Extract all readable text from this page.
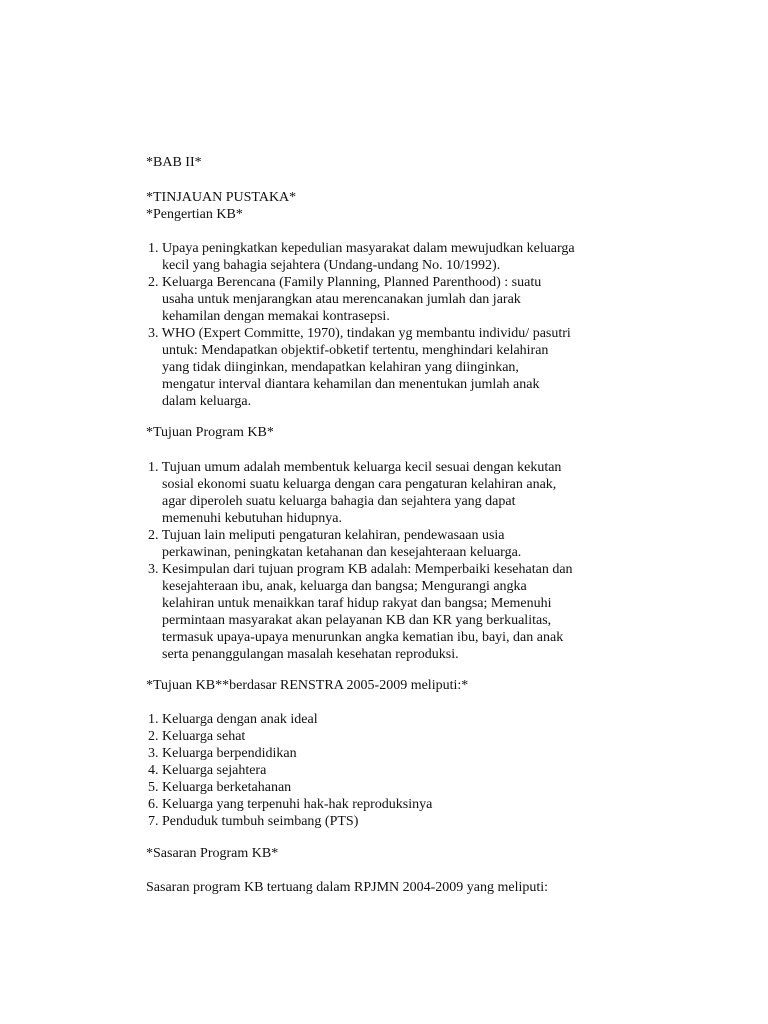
*BAB II*
*TINJAUAN PUSTAKA*
*Pengertian KB*
1. Upaya peningkatkan kepedulian masyarakat dalam mewujudkan keluarga
kecil yang bahagia sejahtera (Undang-undang No. 10/1992).
2. Keluarga Berencana (Family Planning, Planned Parenthood) : suatu
usaha untuk menjarangkan atau merencanakan jumlah dan jarak
kehamilan dengan memakai kontrasepsi.
3. WHO (Expert Committe, 1970), tindakan yg membantu individu/ pasutri
untuk: Mendapatkan objektif-obketif tertentu, menghindari kelahiran
yang tidak diinginkan, mendapatkan kelahiran yang diinginkan,
mengatur interval diantara kehamilan dan menentukan jumlah anak
dalam keluarga.
*Tujuan Program KB*
1. Tujuan umum adalah membentuk keluarga kecil sesuai dengan kekutan
sosial ekonomi suatu keluarga dengan cara pengaturan kelahiran anak,
agar diperoleh suatu keluarga bahagia dan sejahtera yang dapat
memenuhi kebutuhan hidupnya.
2. Tujuan lain meliputi pengaturan kelahiran, pendewasaan usia
perkawinan, peningkatan ketahanan dan kesejahteraan keluarga.
3. Kesimpulan dari tujuan program KB adalah: Memperbaiki kesehatan dan
kesejahteraan ibu, anak, keluarga dan bangsa; Mengurangi angka
kelahiran untuk menaikkan taraf hidup rakyat dan bangsa; Memenuhi
permintaan masyarakat akan pelayanan KB dan KR yang berkualitas,
termasuk upaya-upaya menurunkan angka kematian ibu, bayi, dan anak
serta penanggulangan masalah kesehatan reproduksi.
*Tujuan KB**berdasar RENSTRA 2005-2009 meliputi:*
1. Keluarga dengan anak ideal
2. Keluarga sehat
3. Keluarga berpendidikan
4. Keluarga sejahtera
5. Keluarga berketahanan
6. Keluarga yang terpenuhi hak-hak reproduksinya
7. Penduduk tumbuh seimbang (PTS)
*Sasaran Program KB*
Sasaran program KB tertuang dalam RPJMN 2004-2009 yang meliputi:
